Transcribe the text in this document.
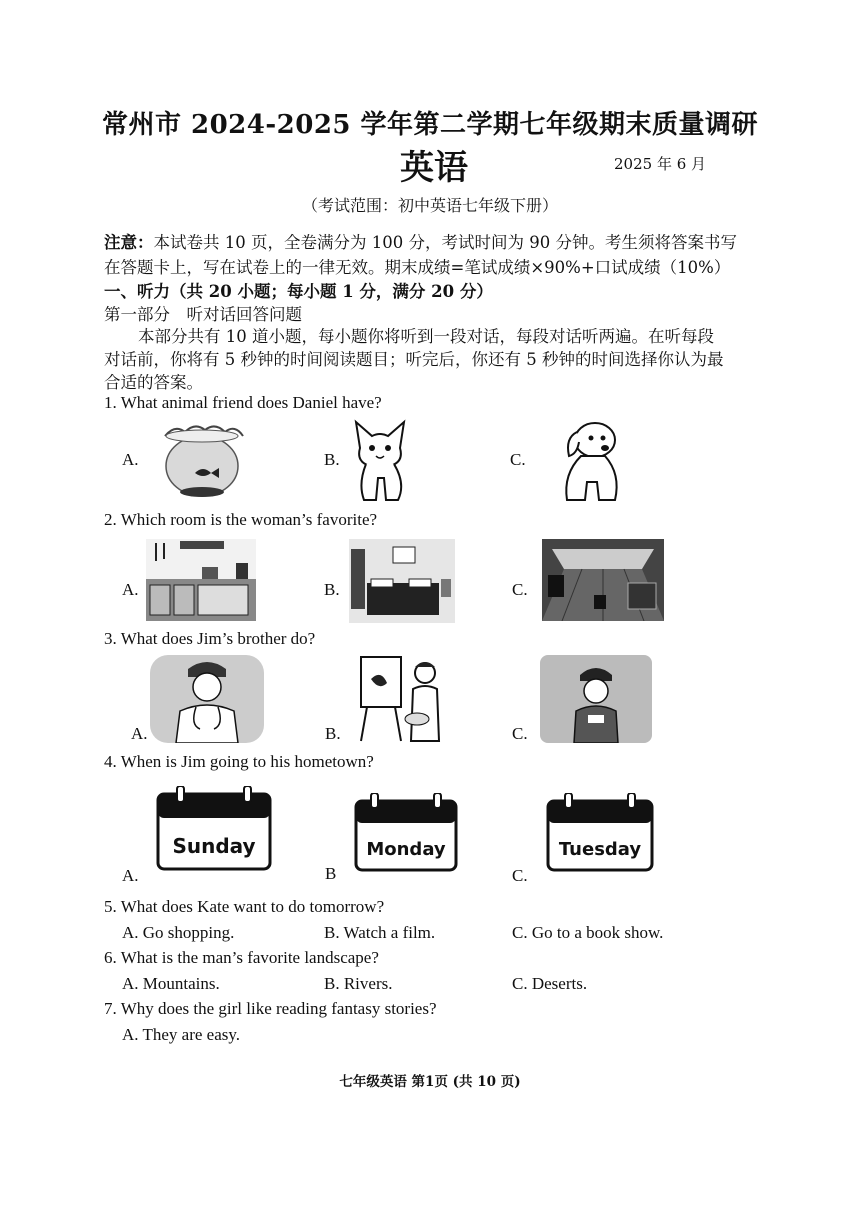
常州市 2024-2025 学年第二学期七年级期末质量调研
英语	2025 年 6 月
（考试范围：初中英语七年级下册）
注意：本试卷共 10 页，全卷满分为 100 分，考试时间为 90 分钟。考生须将答案书写
在答题卡上，写在试卷上的一律无效。期末成绩=笔试成绩×90%+口试成绩（10%）
一、听力（共 20 小题；每小题 1 分，满分 20 分）
第一部分　听对话回答问题
本部分共有 10 道小题，每小题你将听到一段对话，每段对话听两遍。在听每段
对话前，你将有 5 秒钟的时间阅读题目；听完后，你还有 5 秒钟的时间选择你认为最
合适的答案。
1. What animal friend does Daniel have?
A.	B.	C.
2. Which room is the woman’s favorite?
A.	B.	C.
3. What does Jim’s brother do?
A.	B.	C.
4. When is Jim going to his hometown?
A.	B	C.
Sunday	Monday	Tuesday
5. What does Kate want to do tomorrow?
A. Go shopping.	B. Watch a film.	C. Go to a book show.
6. What is the man’s favorite landscape?
A. Mountains.	B. Rivers.	C. Deserts.
7. Why does the girl like reading fantasy stories?
A. They are easy.
七年级英语 第1页 (共 10 页)
